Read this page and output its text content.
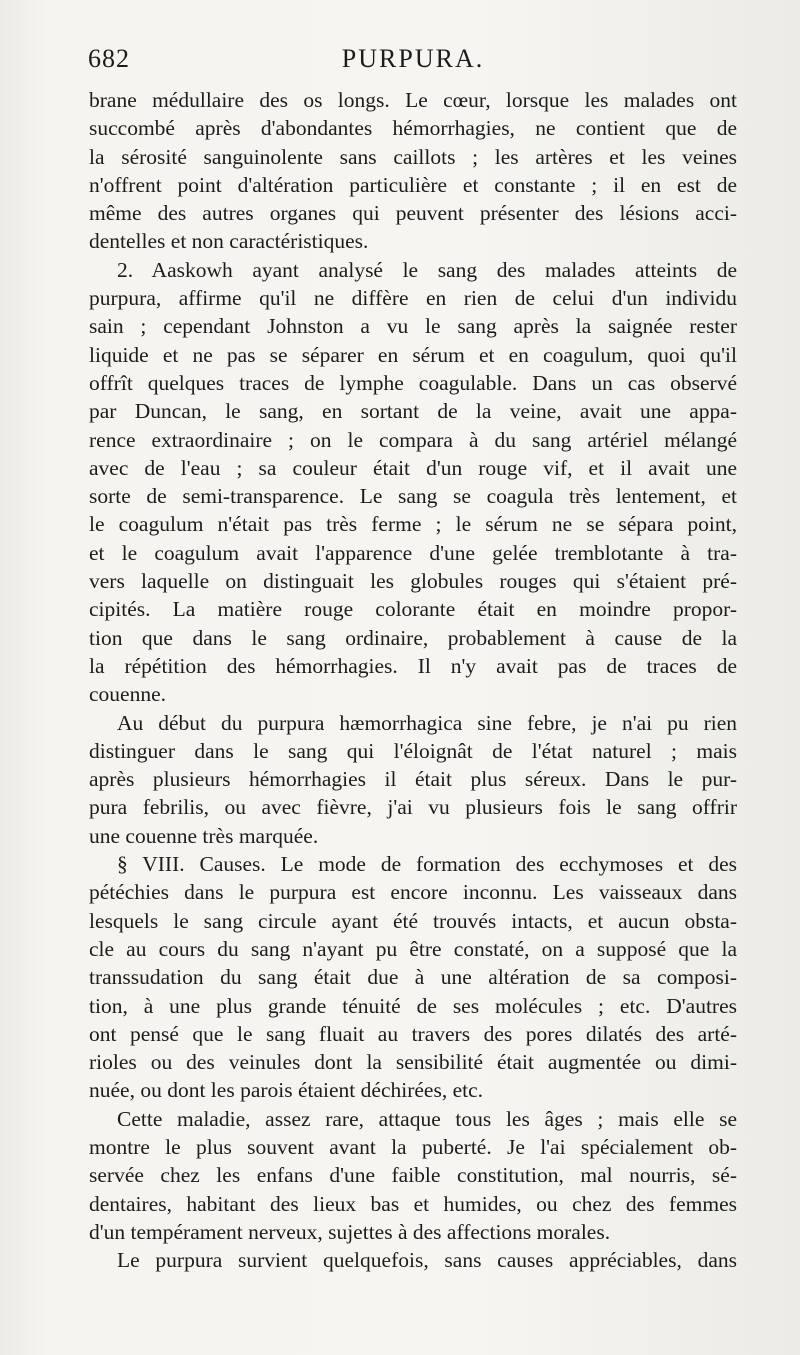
682	PURPURA.
brane médullaire des os longs. Le cœur, lorsque les malades ont
succombé après d'abondantes hémorrhagies, ne contient que de
la sérosité sanguinolente sans caillots ; les artères et les veines
n'offrent point d'altération particulière et constante ; il en est de
même des autres organes qui peuvent présenter des lésions acci-
dentelles et non caractéristiques.
2. Aaskowh ayant analysé le sang des malades atteints de
purpura, affirme qu'il ne diffère en rien de celui d'un individu
sain ; cependant Johnston a vu le sang après la saignée rester
liquide et ne pas se séparer en sérum et en coagulum, quoi qu'il
offrît quelques traces de lymphe coagulable. Dans un cas observé
par Duncan, le sang, en sortant de la veine, avait une appa-
rence extraordinaire ; on le compara à du sang artériel mélangé
avec de l'eau ; sa couleur était d'un rouge vif, et il avait une
sorte de semi-transparence. Le sang se coagula très lentement, et
le coagulum n'était pas très ferme ; le sérum ne se sépara point,
et le coagulum avait l'apparence d'une gelée tremblotante à tra-
vers laquelle on distinguait les globules rouges qui s'étaient pré-
cipités. La matière rouge colorante était en moindre propor-
tion que dans le sang ordinaire, probablement à cause de la
la répétition des hémorrhagies. Il n'y avait pas de traces de
couenne.
Au début du purpura hæmorrhagica sine febre, je n'ai pu rien
distinguer dans le sang qui l'éloignât de l'état naturel ; mais
après plusieurs hémorrhagies il était plus séreux. Dans le pur-
pura febrilis, ou avec fièvre, j'ai vu plusieurs fois le sang offrir
une couenne très marquée.
§ VIII. Causes. Le mode de formation des ecchymoses et des
pétéchies dans le purpura est encore inconnu. Les vaisseaux dans
lesquels le sang circule ayant été trouvés intacts, et aucun obsta-
cle au cours du sang n'ayant pu être constaté, on a supposé que la
transsudation du sang était due à une altération de sa composi-
tion, à une plus grande ténuité de ses molécules ; etc. D'autres
ont pensé que le sang fluait au travers des pores dilatés des arté-
rioles ou des veinules dont la sensibilité était augmentée ou dimi-
nuée, ou dont les parois étaient déchirées, etc.
Cette maladie, assez rare, attaque tous les âges ; mais elle se
montre le plus souvent avant la puberté. Je l'ai spécialement ob-
servée chez les enfans d'une faible constitution, mal nourris, sé-
dentaires, habitant des lieux bas et humides, ou chez des femmes
d'un tempérament nerveux, sujettes à des affections morales.
Le purpura survient quelquefois, sans causes appréciables, dans
